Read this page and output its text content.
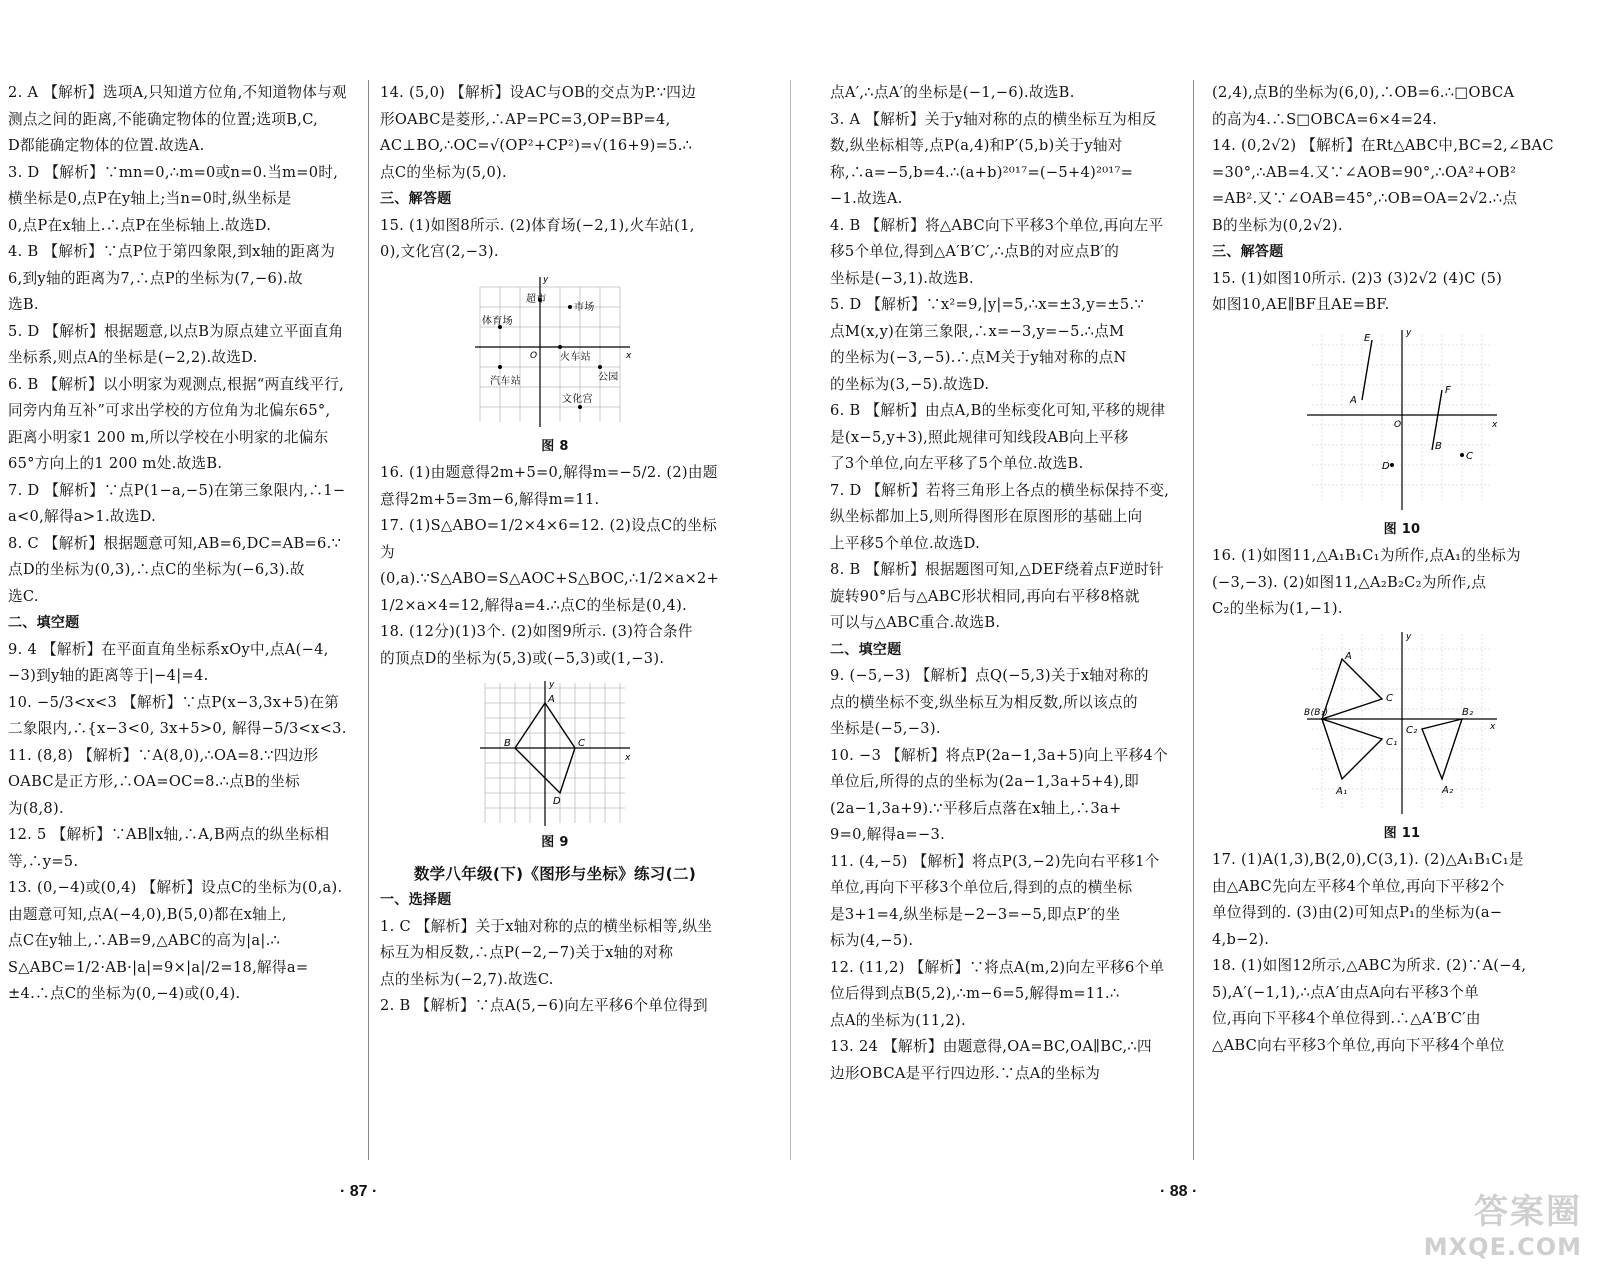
2. A 【解析】选项A,只知道方位角,不知道物体与观

测点之间的距离,不能确定物体的位置;选项B,C,

D都能确定物体的位置.故选A.

3. D 【解析】∵mn=0,∴m=0或n=0.当m=0时,

横坐标是0,点P在y轴上;当n=0时,纵坐标是

0,点P在x轴上.∴点P在坐标轴上.故选D.

4. B 【解析】∵点P位于第四象限,到x轴的距离为

6,到y轴的距离为7,∴点P的坐标为(7,−6).故

选B.

5. D 【解析】根据题意,以点B为原点建立平面直角

坐标系,则点A的坐标是(−2,2).故选D.

6. B 【解析】以小明家为观测点,根据“两直线平行,

同旁内角互补”可求出学校的方位角为北偏东65°,

距离小明家1 200 m,所以学校在小明家的北偏东

65°方向上的1 200 m处.故选B.

7. D 【解析】∵点P(1−a,−5)在第三象限内,∴1−

a<0,解得a>1.故选D.

8. C 【解析】根据题意可知,AB=6,DC=AB=6.∵

点D的坐标为(0,3),∴点C的坐标为(−6,3).故

选C.

二、填空题

9. 4 【解析】在平面直角坐标系xOy中,点A(−4,

−3)到y轴的距离等于|−4|=4.

10. −5/3<x<3 【解析】∵点P(x−3,3x+5)在第

二象限内,∴{x−3<0, 3x+5>0, 解得−5/3<x<3.

11. (8,8) 【解析】∵A(8,0),∴OA=8.∵四边形

OABC是正方形,∴OA=OC=8.∴点B的坐标

为(8,8).

12. 5 【解析】∵AB∥x轴,∴A,B两点的纵坐标相

等,∴y=5.

13. (0,−4)或(0,4) 【解析】设点C的坐标为(0,a).

由题意可知,点A(−4,0),B(5,0)都在x轴上,

点C在y轴上,∴AB=9,△ABC的高为|a|.∴

S△ABC=1/2·AB·|a|=9×|a|/2=18,解得a=

±4.∴点C的坐标为(0,−4)或(0,4).

14. (5,0) 【解析】设AC与OB的交点为P.∵四边

形OABC是菱形,∴AP=PC=3,OP=BP=4,

AC⊥BO,∴OC=√(OP²+CP²)=√(16+9)=5.∴

点C的坐标为(5,0).

三、解答题

15. (1)如图8所示. (2)体育场(−2,1),火车站(1,

0),文化宫(2,−3).

超市
市场
体育场
火车站
公园
汽车站
文化宫
O	x
y

图 8

16. (1)由题意得2m+5=0,解得m=−5/2. (2)由题

意得2m+5=3m−6,解得m=11.

17. (1)S△ABO=1/2×4×6=12. (2)设点C的坐标为

(0,a).∵S△ABO=S△AOC+S△BOC,∴1/2×a×2+

1/2×a×4=12,解得a=4.∴点C的坐标是(0,4).

18. (12分)(1)3个. (2)如图9所示. (3)符合条件

的顶点D的坐标为(5,3)或(−5,3)或(1,−3).

A
B	C
D
x
y

图 9

数学八年级(下)《图形与坐标》练习(二)

一、选择题

1. C 【解析】关于x轴对称的点的横坐标相等,纵坐

标互为相反数,∴点P(−2,−7)关于x轴的对称

点的坐标为(−2,7).故选C.

2. B 【解析】∵点A(5,−6)向左平移6个单位得到

点A′,∴点A′的坐标是(−1,−6).故选B.

3. A 【解析】关于y轴对称的点的横坐标互为相反

数,纵坐标相等,点P(a,4)和P′(5,b)关于y轴对

称,∴a=−5,b=4.∴(a+b)²⁰¹⁷=(−5+4)²⁰¹⁷=

−1.故选A.

4. B 【解析】将△ABC向下平移3个单位,再向左平

移5个单位,得到△A′B′C′,∴点B的对应点B′的

坐标是(−3,1).故选B.

5. D 【解析】∵x²=9,|y|=5,∴x=±3,y=±5.∵

点M(x,y)在第三象限,∴x=−3,y=−5.∴点M

的坐标为(−3,−5).∴点M关于y轴对称的点N

的坐标为(3,−5).故选D.

6. B 【解析】由点A,B的坐标变化可知,平移的规律

是(x−5,y+3),照此规律可知线段AB向上平移

了3个单位,向左平移了5个单位.故选B.

7. D 【解析】若将三角形上各点的横坐标保持不变,

纵坐标都加上5,则所得图形在原图形的基础上向

上平移5个单位.故选D.

8. B 【解析】根据题图可知,△DEF绕着点F逆时针

旋转90°后与△ABC形状相同,再向右平移8格就

可以与△ABC重合.故选B.

二、填空题

9. (−5,−3) 【解析】点Q(−5,3)关于x轴对称的

点的横坐标不变,纵坐标互为相反数,所以该点的

坐标是(−5,−3).

10. −3 【解析】将点P(2a−1,3a+5)向上平移4个

单位后,所得的点的坐标为(2a−1,3a+5+4),即

(2a−1,3a+9).∵平移后点落在x轴上,∴3a+

9=0,解得a=−3.

11. (4,−5) 【解析】将点P(3,−2)先向右平移1个

单位,再向下平移3个单位后,得到的点的横坐标

是3+1=4,纵坐标是−2−3=−5,即点P′的坐

标为(4,−5).

12. (11,2) 【解析】∵将点A(m,2)向左平移6个单

位后得到点B(5,2),∴m−6=5,解得m=11.∴

点A的坐标为(11,2).

13. 24 【解析】由题意得,OA=BC,OA∥BC,∴四

边形OBCA是平行四边形.∵点A的坐标为

(2,4),点B的坐标为(6,0),∴OB=6.∴□OBCA

的高为4.∴S□OBCA=6×4=24.

14. (0,2√2) 【解析】在Rt△ABC中,BC=2,∠BAC

=30°,∴AB=4.又∵∠AOB=90°,∴OA²+OB²

=AB².又∵∠OAB=45°,∴OB=OA=2√2.∴点

B的坐标为(0,2√2).

三、解答题

15. (1)如图10所示. (2)3 (3)2√2 (4)C (5)

如图10,AE∥BF且AE=BF.

E
F
A
B
C
D
O	x
y

图 10

16. (1)如图11,△A₁B₁C₁为所作,点A₁的坐标为

(−3,−3). (2)如图11,△A₂B₂C₂为所作,点

C₂的坐标为(1,−1).

A
B(B₁)
C
A₁
C₁
B₂
C₂
A₂
x
y

图 11

17. (1)A(1,3),B(2,0),C(3,1). (2)△A₁B₁C₁是

由△ABC先向左平移4个单位,再向下平移2个

单位得到的. (3)由(2)可知点P₁的坐标为(a−

4,b−2).

18. (1)如图12所示,△ABC为所求. (2)∵A(−4,

5),A′(−1,1),∴点A′由点A向右平移3个单

位,再向下平移4个单位得到.∴△A′B′C′由

△ABC向右平移3个单位,再向下平移4个单位

· 87 ·	· 88 ·
答案圈
MXQE.COM
